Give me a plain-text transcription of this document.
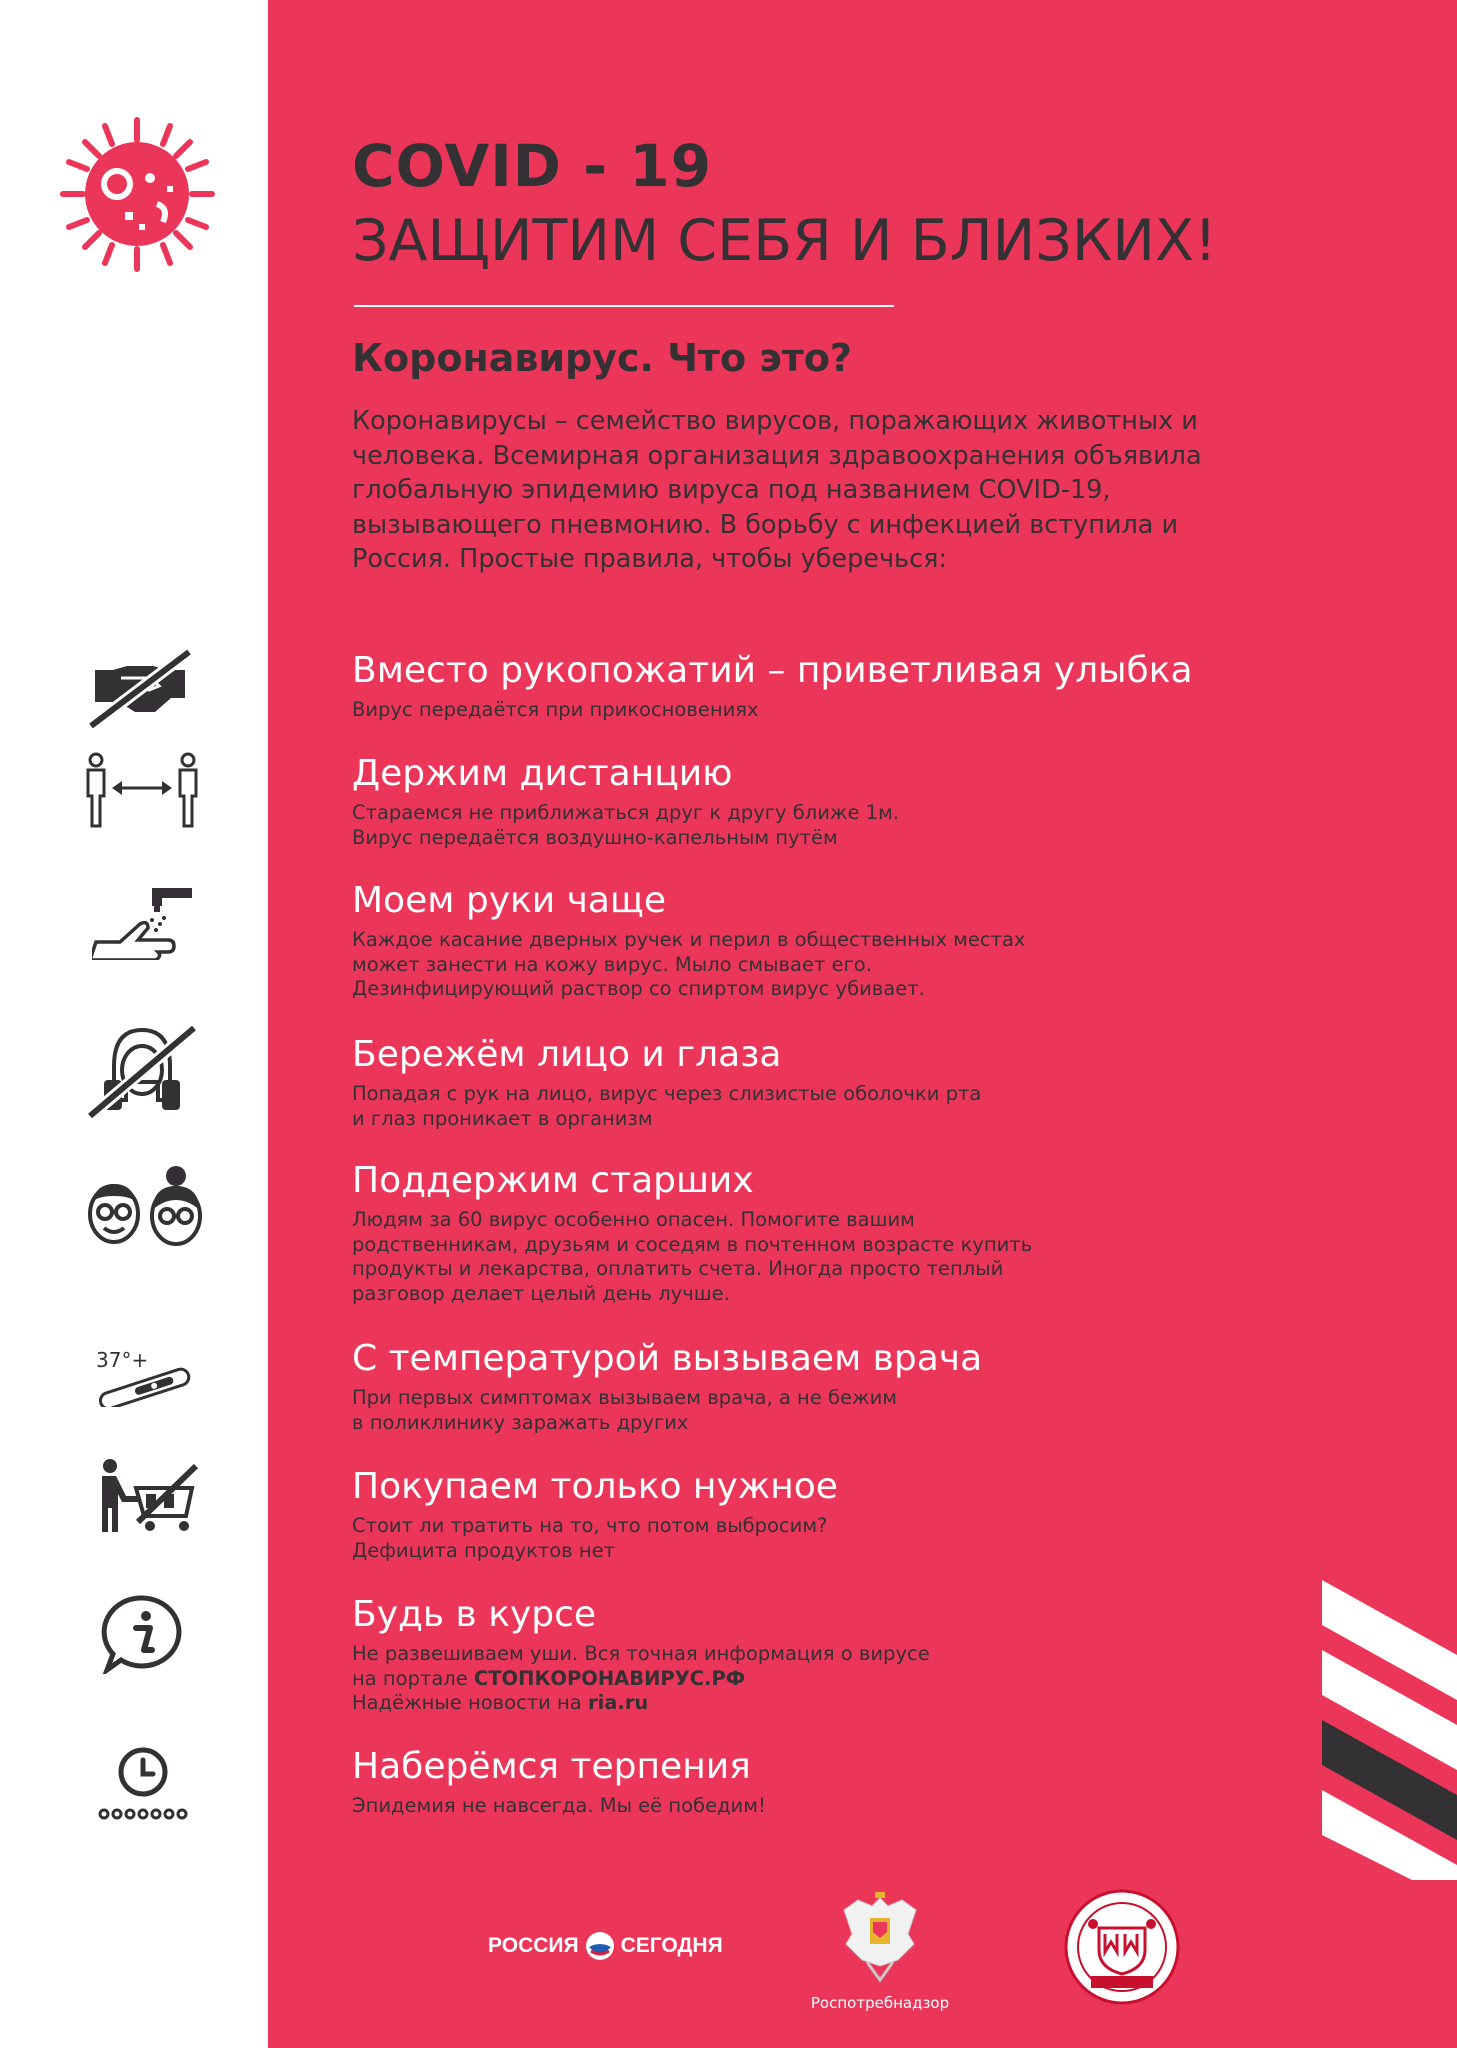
37°+
COVID - 19
ЗАЩИТИМ СЕБЯ И БЛИЗКИХ!
Коронавирус. Что это?
Коронавирусы – семейство вирусов, поражающих животных и
человека. Всемирная организация здравоохранения объявила
глобальную эпидемию вируса под названием COVID-19,
вызывающего пневмонию. В борьбу с инфекцией вступила и
Россия. Простые правила, чтобы уберечься:
Вместо рукопожатий – приветливая улыбка
Вирус передаётся при прикосновениях
Держим дистанцию
Стараемся не приближаться друг к другу ближе 1м.
Вирус передаётся воздушно-капельным путём
Моем руки чаще
Каждое касание дверных ручек и перил в общественных местах
может занести на кожу вирус. Мыло смывает его.
Дезинфицирующий раствор со спиртом вирус убивает.
Бережём лицо и глаза
Попадая с рук на лицо, вирус через слизистые оболочки рта
и глаз проникает в организм
Поддержим старших
Людям за 60 вирус особенно опасен. Помогите вашим
родственникам, друзьям и соседям в почтенном возрасте купить
продукты и лекарства, оплатить счета. Иногда просто теплый
разговор делает целый день лучше.
С температурой вызываем врача
При первых симптомах вызываем врача, а не бежим
в поликлинику заражать других
Покупаем только нужное
Стоит ли тратить на то, что потом выбросим?
Дефицита продуктов нет
Будь в курсе
Не развешиваем уши. Вся точная информация о вирусе
на портале СТОПКОРОНАВИРУС.РФ
Надёжные новости на ria.ru
Наберёмся терпения
Эпидемия не навсегда. Мы её победим!
РОССИЯ СЕГОДНЯ
Роспотребнадзор
